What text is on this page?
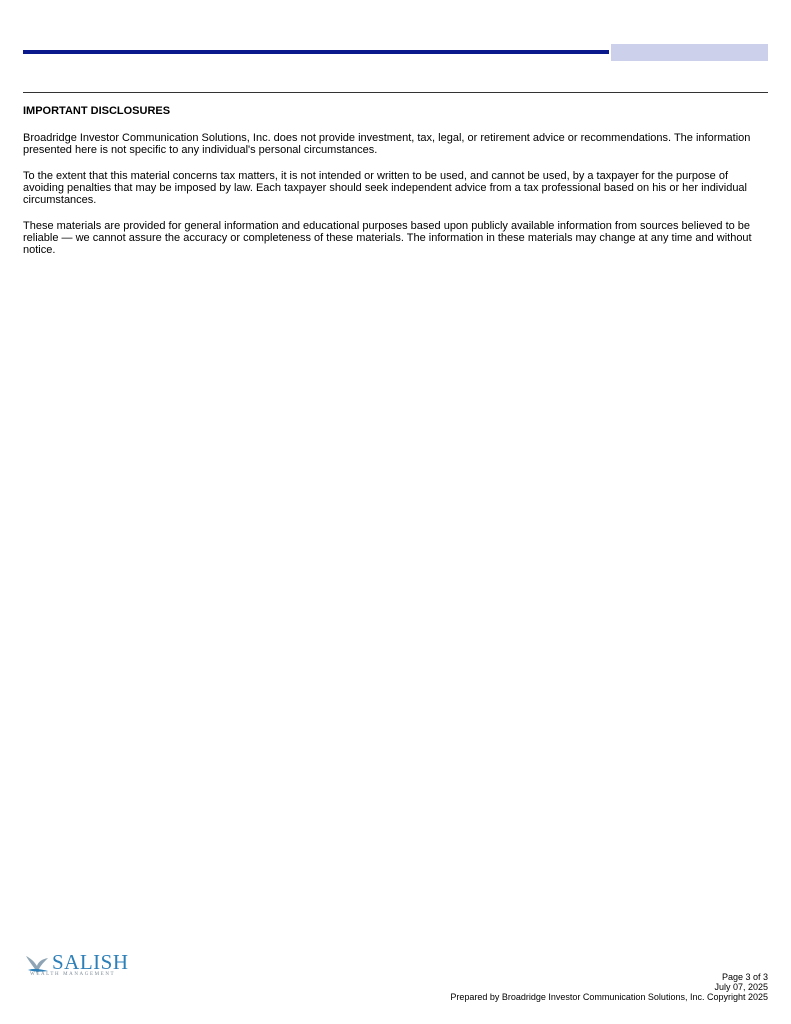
IMPORTANT DISCLOSURES
Broadridge Investor Communication Solutions, Inc. does not provide investment, tax, legal, or retirement advice or recommendations. The information presented here is not specific to any individual's personal circumstances.
To the extent that this material concerns tax matters, it is not intended or written to be used, and cannot be used, by a taxpayer for the purpose of avoiding penalties that may be imposed by law. Each taxpayer should seek independent advice from a tax professional based on his or her individual circumstances.
These materials are provided for general information and educational purposes based upon publicly available information from sources believed to be reliable — we cannot assure the accuracy or completeness of these materials. The information in these materials may change at any time and without notice.
SALISH
WEALTH MANAGEMENT	Page 3 of 3
July 07, 2025
Prepared by Broadridge Investor Communication Solutions, Inc. Copyright 2025
